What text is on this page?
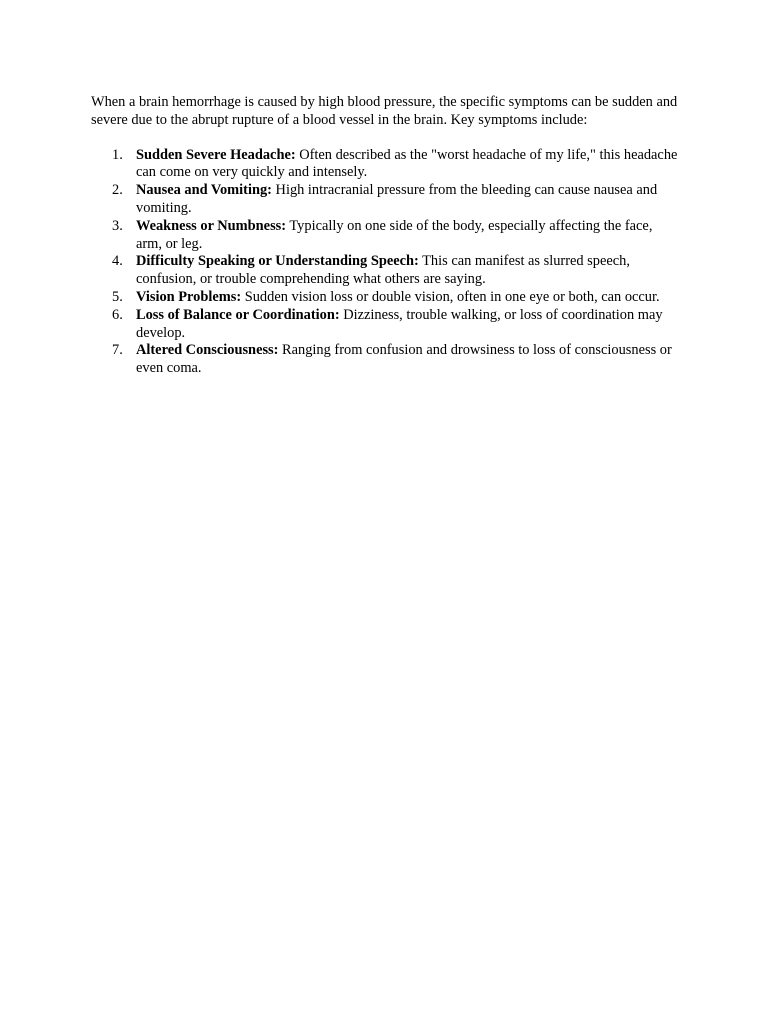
When a brain hemorrhage is caused by high blood pressure, the specific symptoms can be sudden and severe due to the abrupt rupture of a blood vessel in the brain. Key symptoms include:

1. Sudden Severe Headache: Often described as the "worst headache of my life," this headache can come on very quickly and intensely.
2. Nausea and Vomiting: High intracranial pressure from the bleeding can cause nausea and vomiting.
3. Weakness or Numbness: Typically on one side of the body, especially affecting the face, arm, or leg.
4. Difficulty Speaking or Understanding Speech: This can manifest as slurred speech, confusion, or trouble comprehending what others are saying.
5. Vision Problems: Sudden vision loss or double vision, often in one eye or both, can occur.
6. Loss of Balance or Coordination: Dizziness, trouble walking, or loss of coordination may develop.
7. Altered Consciousness: Ranging from confusion and drowsiness to loss of consciousness or even coma.
